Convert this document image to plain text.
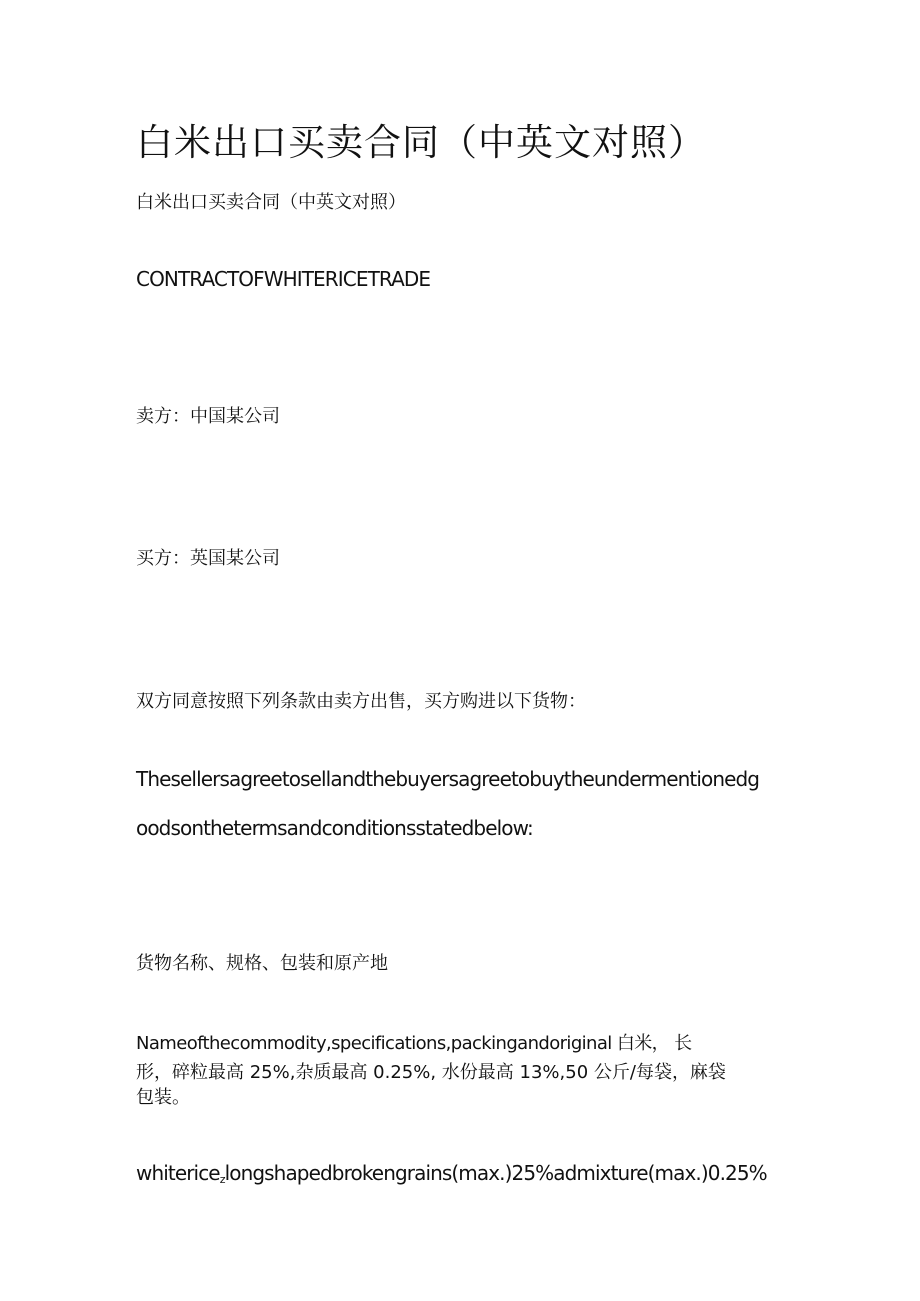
白米出口买卖合同（中英文对照）

白米出口买卖合同（中英文对照）

CONTRACTOFWHITERICETRADE

卖方：中国某公司

买方：英国某公司

双方同意按照下列条款由卖方出售，买方购进以下货物：

Thesellersagreetosellandthebuyersagreetobuytheundermentionedg

oodsonthetermsandconditionsstatedbelow:

货物名称、规格、包装和原产地

Nameofthecommodity,specifications,packingandoriginal 白米， 长
形，碎粒最高 25%,杂质最高 0.25%, 水份最高 13%,50 公斤/每袋，麻袋
包装。

whiterice$_z$longshapedbrokengrains(max.)25%admixture(max.)0.25%
